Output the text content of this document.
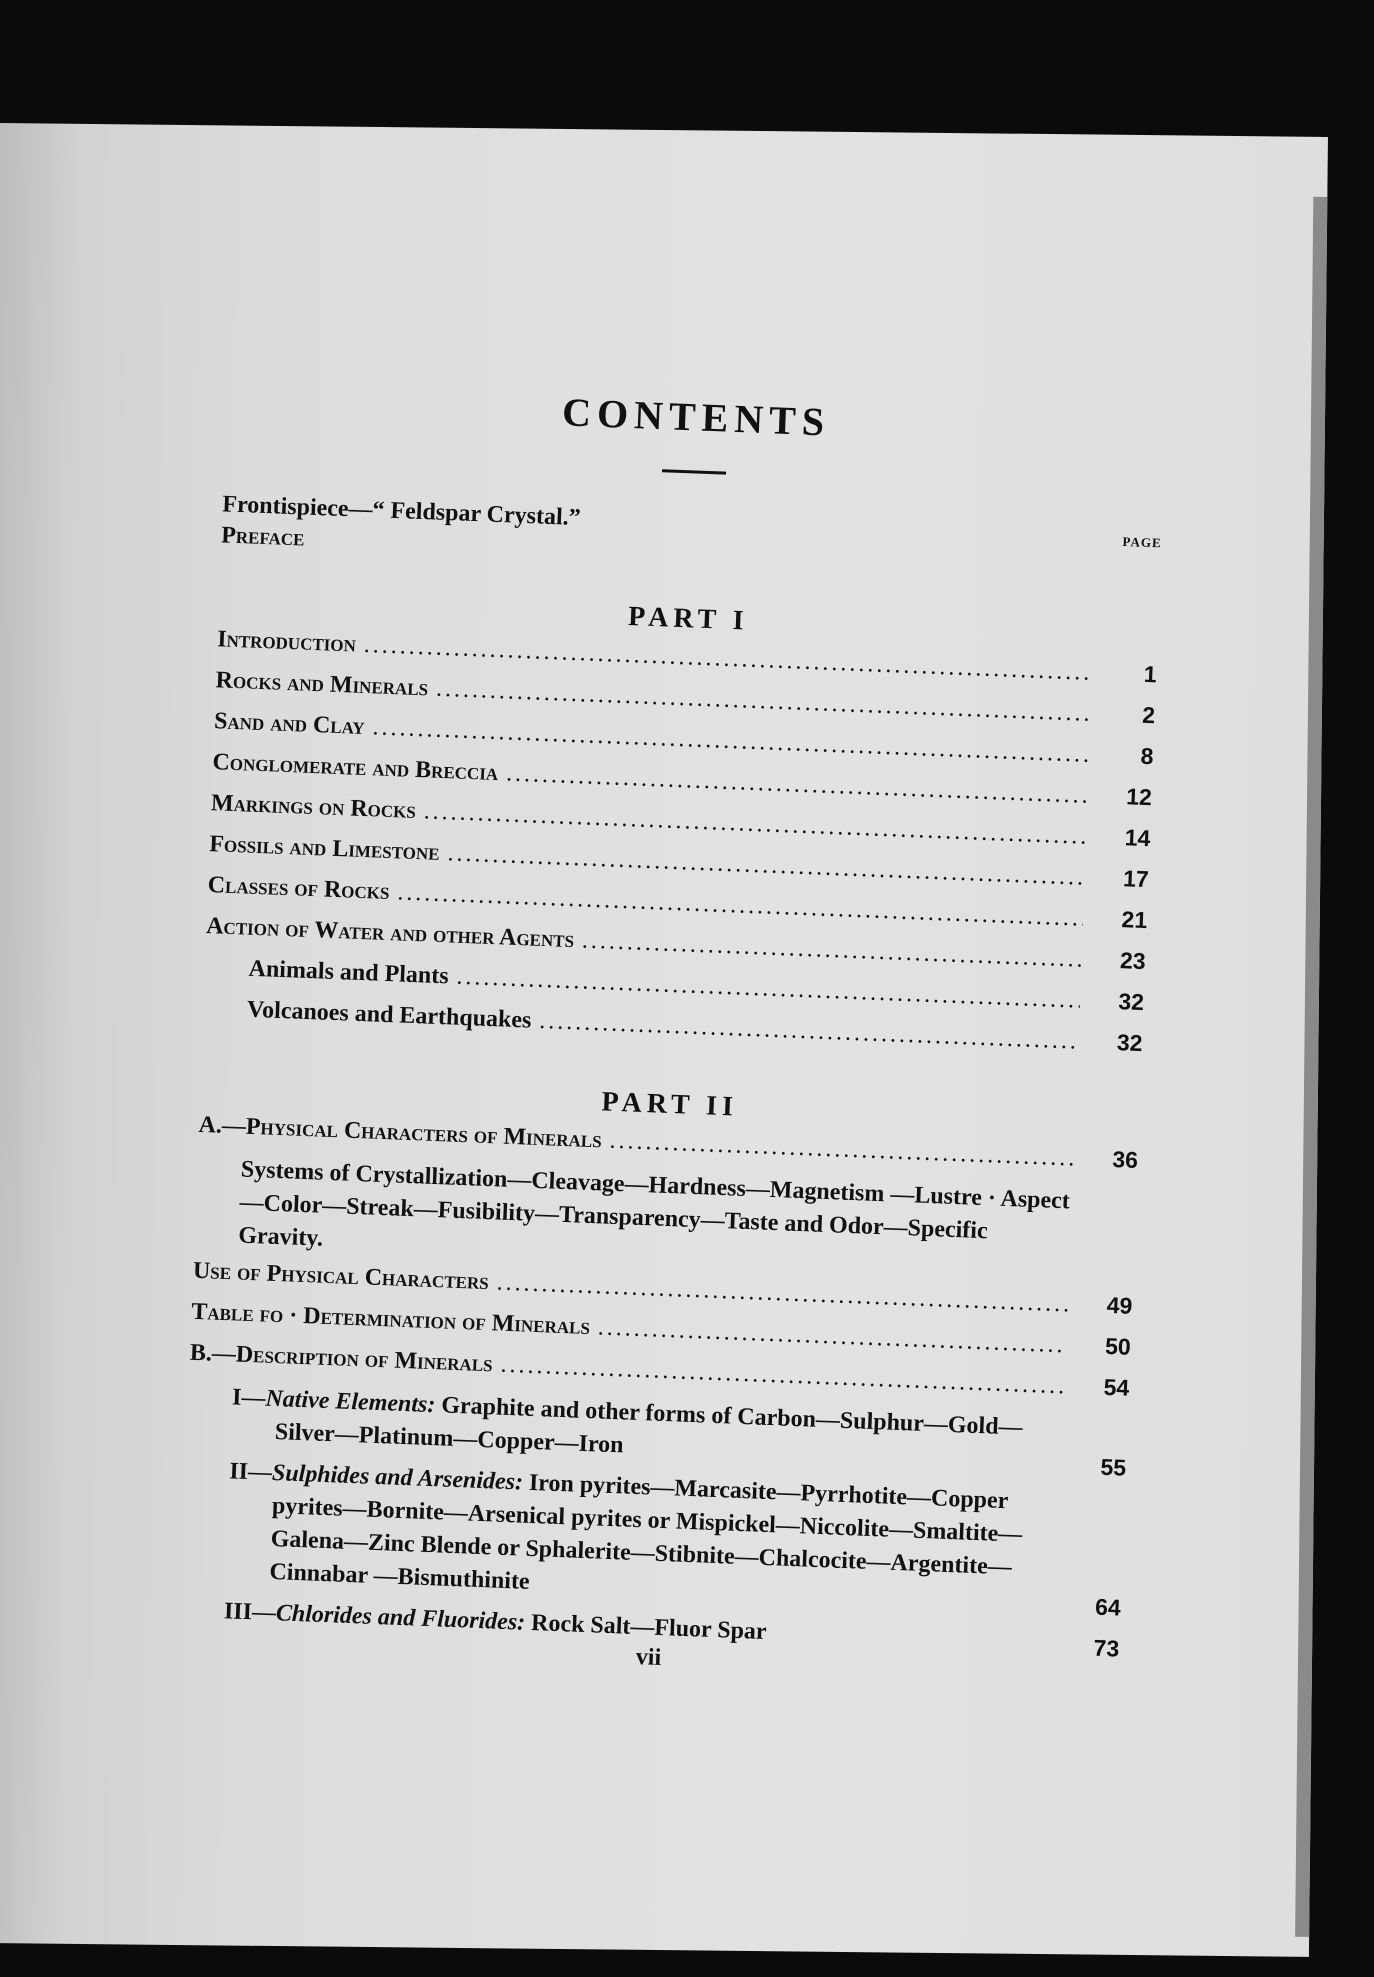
CONTENTS
Frontispiece—“ Feldspar Crystal.”
PAGE
Preface
PART I
Introduction
.....
1
Rocks and Minerals
.....
2
Sand and Clay
.....
8
Conglomerate and Breccia
.....
12
Markings on Rocks
.....
14
Fossils and Limestone
.....
17
Classes of Rocks
.....
21
Action of Water and other Agents
.....
23
Animals and Plants
.....
32
Volcanoes and Earthquakes
.....
32
PART II
A.—Physical Characters of Minerals
.....
36
Systems of Crystallization—Cleavage—Hardness—Magnetism —Lustre · Aspect—Color—Streak—Fusibility—Transparency—Taste and Odor—Specific Gravity.
Use of Physical Characters
.....
49
Table fo · Determination of Minerals
.....
50
B.—Description of Minerals
.....
54
I—Native Elements: Graphite and other forms of Carbon—Sulphur—Gold—Silver—Platinum—Copper—Iron
55
II—Sulphides and Arsenides: Iron pyrites—Marcasite—Pyrrhotite—Copper pyrites—Bornite—Arsenical pyrites or Mispickel—Niccolite—Smaltite—Galena—Zinc Blende or Sphalerite—Stibnite—Chalcocite—Argentite—Cinnabar —Bismuthinite
64
III—Chlorides and Fluorides: Rock Salt—Fluor Spar
73
vii
